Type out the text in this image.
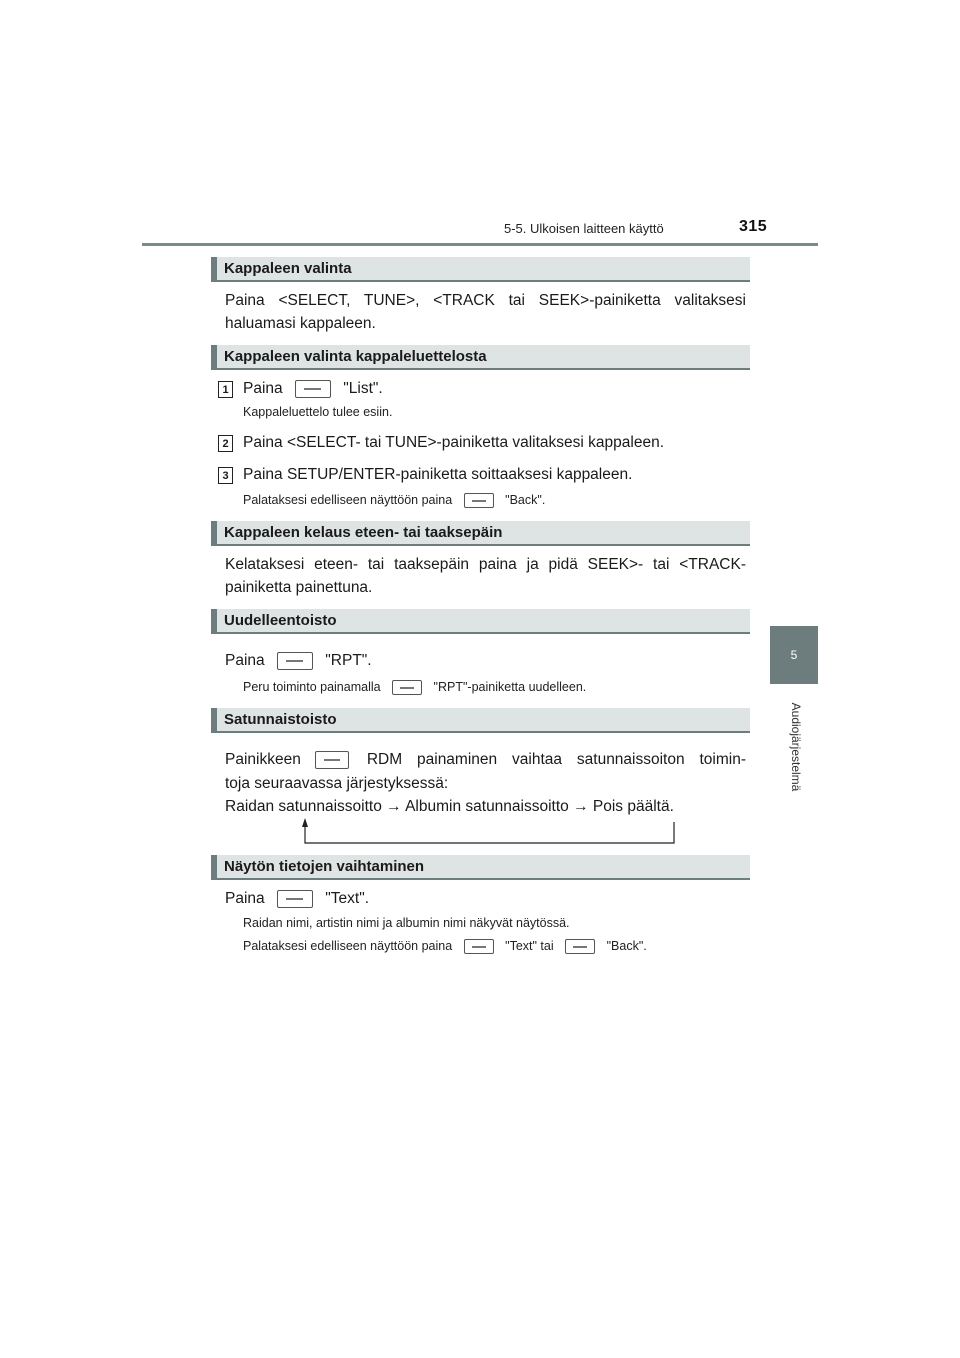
5-5. Ulkoisen laitteen käyttö	315
5
Audiojärjestelmä
Kappaleen valinta
Paina <SELECT, TUNE>, <TRACK tai SEEK>-painiketta valitaksesi
haluamasi kappaleen.
Kappaleen valinta kappaleluettelosta
1 Paina	"List".
Kappaleluettelo tulee esiin.
2 Paina <SELECT- tai TUNE>-painiketta valitaksesi kappaleen.
3 Paina SETUP/ENTER-painiketta soittaaksesi kappaleen.
Palataksesi edelliseen näyttöön paina	"Back".
Kappaleen kelaus eteen- tai taaksepäin
Kelataksesi eteen- tai taaksepäin paina ja pidä SEEK>- tai <TRACK-
painiketta painettuna.
Uudelleentoisto
Paina	"RPT".
Peru toiminto painamalla	"RPT"-painiketta uudelleen.
Satunnaistoisto
Painikkeen	RDM painaminen vaihtaa satunnaissoiton toimin-
toja seuraavassa järjestyksessä:
Raidan satunnaissoitto → Albumin satunnaissoitto → Pois päältä.
Näytön tietojen vaihtaminen
Paina	"Text".
Raidan nimi, artistin nimi ja albumin nimi näkyvät näytössä.
Palataksesi edelliseen näyttöön paina	"Text" tai	"Back".
